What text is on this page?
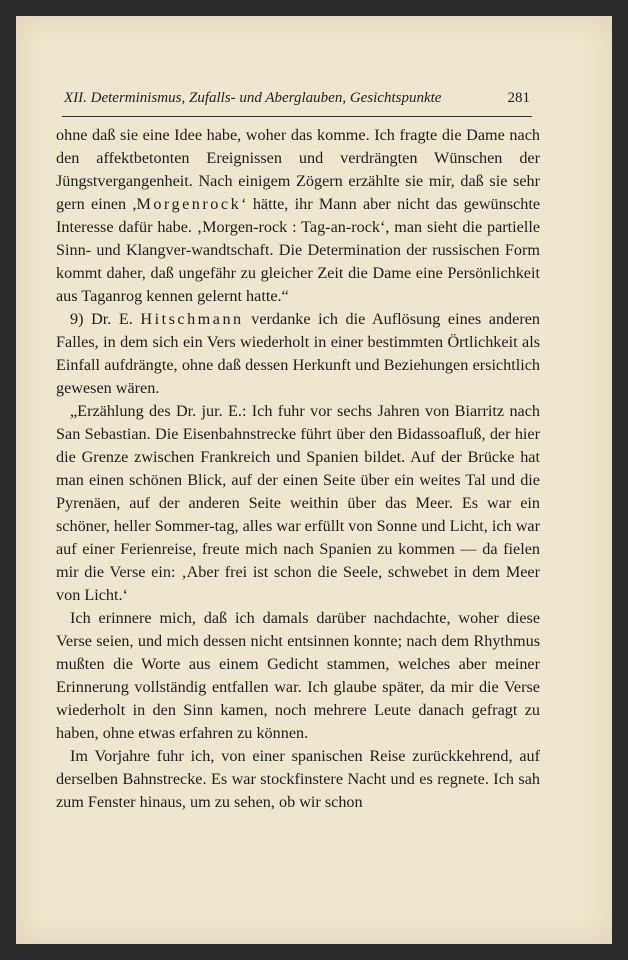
XII. Determinismus, Zufalls- und Aberglauben, Gesichtspunkte	281

ohne daß sie eine Idee habe, woher das komme. Ich fragte die Dame nach den affektbetonten Ereignissen und verdrängten Wünschen der Jüngstvergangenheit. Nach einigem Zögern erzählte sie mir, daß sie sehr gern einen ,Morgenrock‘ hätte, ihr Mann aber nicht das gewünschte Interesse dafür habe. ‚Morgen-rock : Tag-an-rock‘, man sieht die partielle Sinn- und Klangver-wandtschaft. Die Determination der russischen Form kommt daher, daß ungefähr zu gleicher Zeit die Dame eine Persönlichkeit aus Taganrog kennen gelernt hatte.“

9) Dr. E. Hitschmann verdanke ich die Auflösung eines anderen Falles, in dem sich ein Vers wiederholt in einer bestimmten Örtlichkeit als Einfall aufdrängte, ohne daß dessen Herkunft und Beziehungen ersichtlich gewesen wären.

„Erzählung des Dr. jur. E.: Ich fuhr vor sechs Jahren von Biarritz nach San Sebastian. Die Eisenbahnstrecke führt über den Bidassoafluß, der hier die Grenze zwischen Frankreich und Spanien bildet. Auf der Brücke hat man einen schönen Blick, auf der einen Seite über ein weites Tal und die Pyrenäen, auf der anderen Seite weithin über das Meer. Es war ein schöner, heller Sommer-tag, alles war erfüllt von Sonne und Licht, ich war auf einer Ferienreise, freute mich nach Spanien zu kommen — da fielen mir die Verse ein: ‚Aber frei ist schon die Seele, schwebet in dem Meer von Licht.‘

Ich erinnere mich, daß ich damals darüber nachdachte, woher diese Verse seien, und mich dessen nicht entsinnen konnte; nach dem Rhythmus mußten die Worte aus einem Gedicht stammen, welches aber meiner Erinnerung vollständig entfallen war. Ich glaube später, da mir die Verse wiederholt in den Sinn kamen, noch mehrere Leute danach gefragt zu haben, ohne etwas erfahren zu können.

Im Vorjahre fuhr ich, von einer spanischen Reise zurückkehrend, auf derselben Bahnstrecke. Es war stockfinstere Nacht und es regnete. Ich sah zum Fenster hinaus, um zu sehen, ob wir schon
